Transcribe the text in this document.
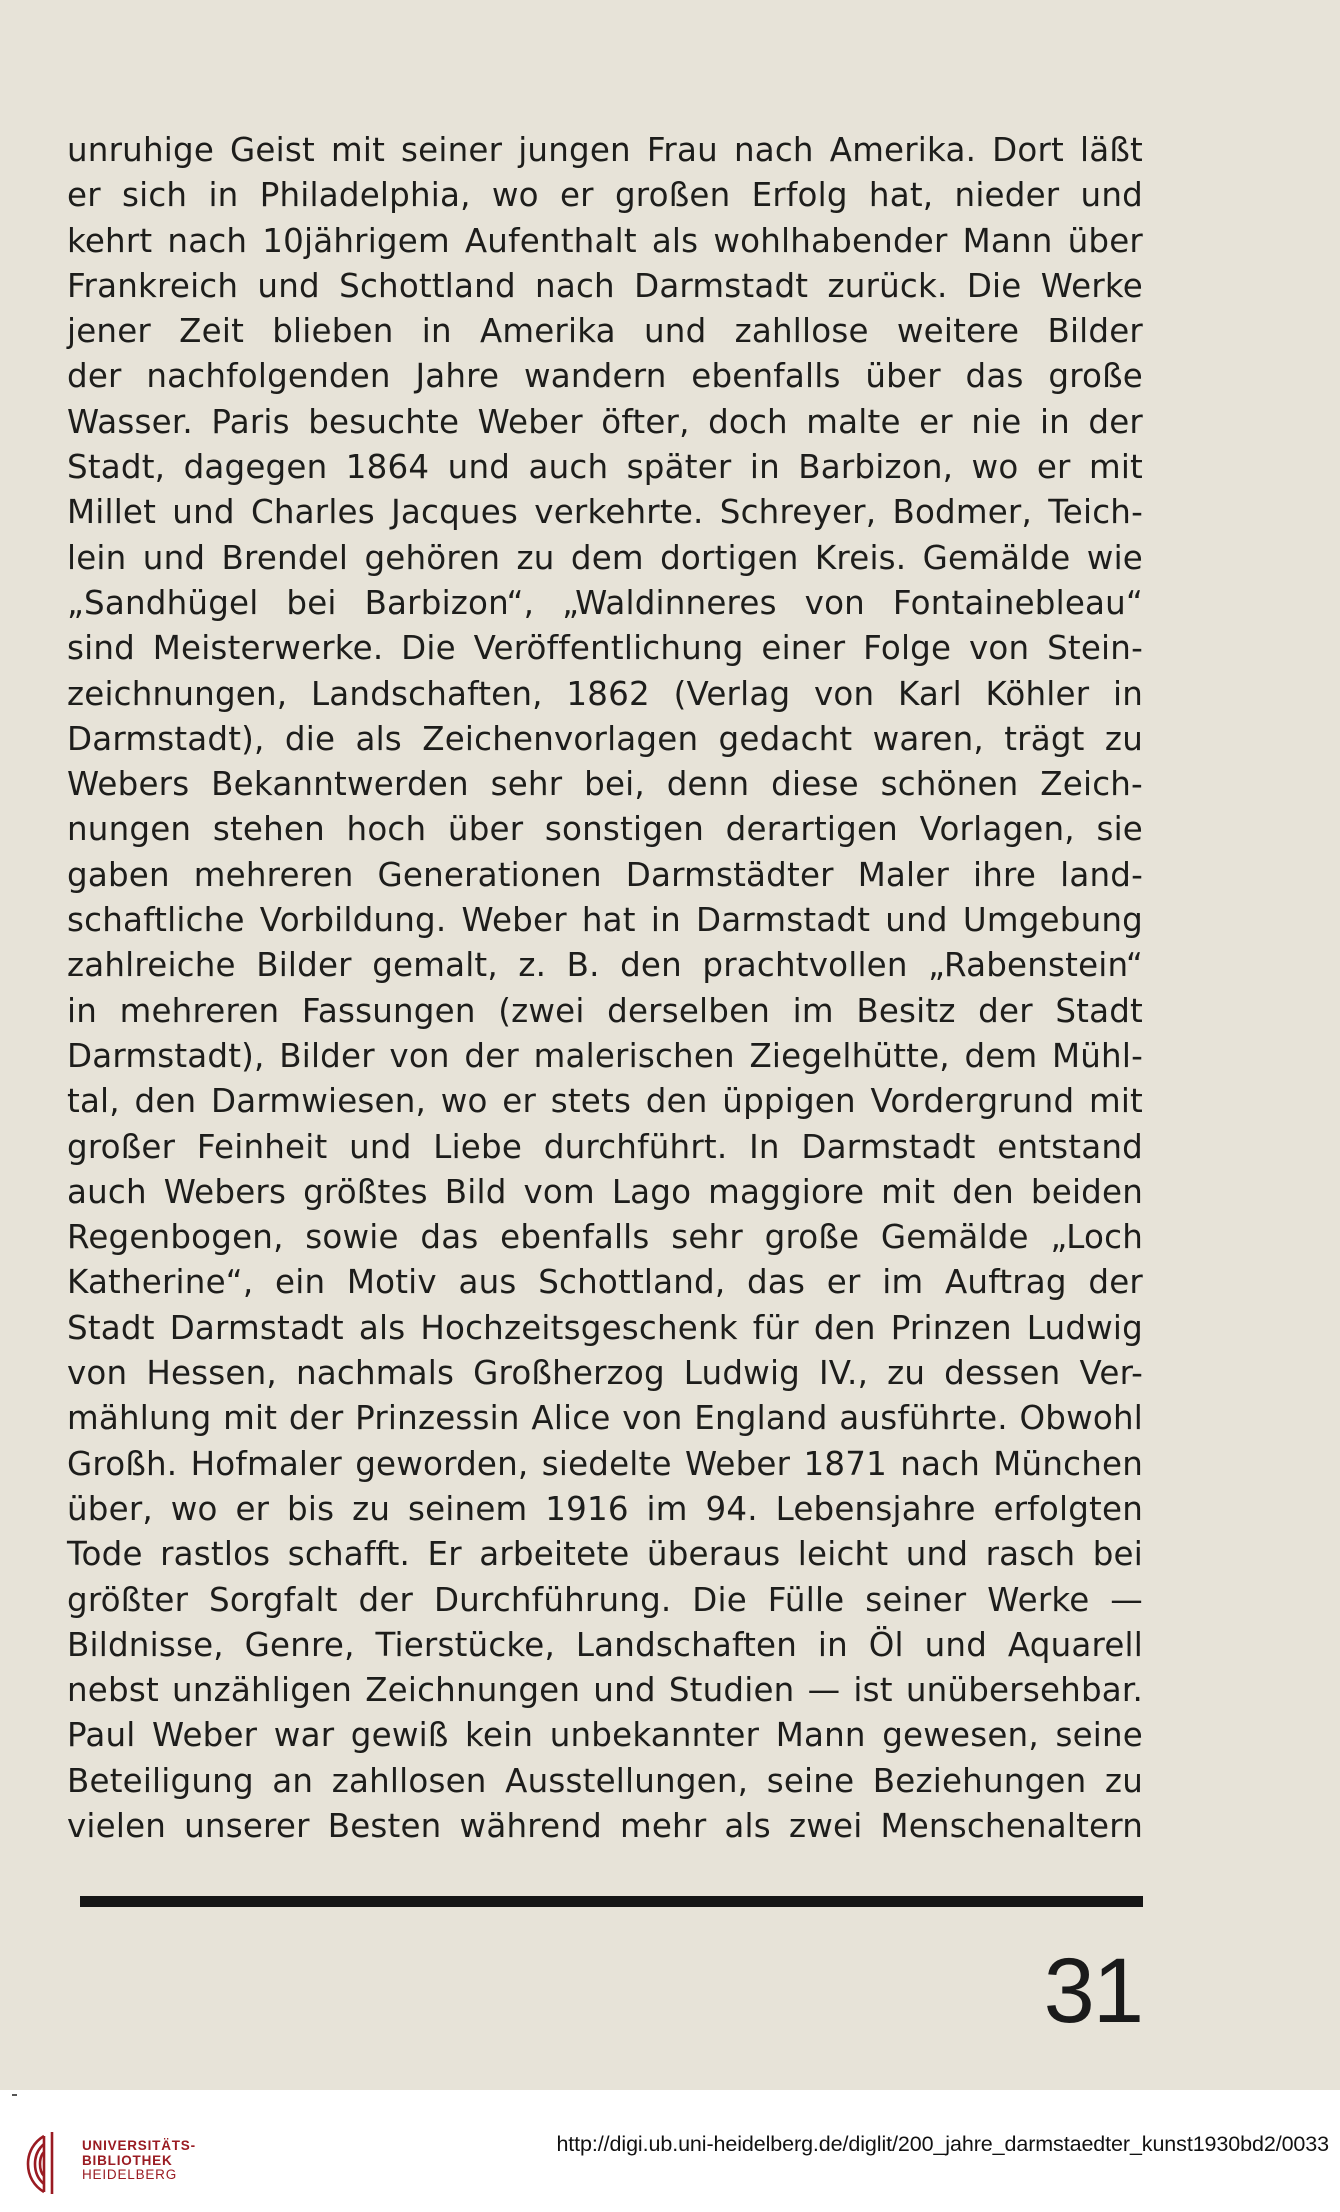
unruhige Geist mit seiner jungen Frau nach Amerika. Dort läßt
er sich in Philadelphia, wo er großen Erfolg hat, nieder und
kehrt nach 10jährigem Aufenthalt als wohlhabender Mann über
Frankreich und Schottland nach Darmstadt zurück. Die Werke
jener Zeit blieben in Amerika und zahllose weitere Bilder
der nachfolgenden Jahre wandern ebenfalls über das große
Wasser. Paris besuchte Weber öfter, doch malte er nie in der
Stadt, dagegen 1864 und auch später in Barbizon, wo er mit
Millet und Charles Jacques verkehrte. Schreyer, Bodmer, Teich-
lein und Brendel gehören zu dem dortigen Kreis. Gemälde wie
„Sandhügel bei Barbizon“, „Waldinneres von Fontainebleau“
sind Meisterwerke. Die Veröffentlichung einer Folge von Stein-
zeichnungen, Landschaften, 1862 (Verlag von Karl Köhler in
Darmstadt), die als Zeichenvorlagen gedacht waren, trägt zu
Webers Bekanntwerden sehr bei, denn diese schönen Zeich-
nungen stehen hoch über sonstigen derartigen Vorlagen, sie
gaben mehreren Generationen Darmstädter Maler ihre land-
schaftliche Vorbildung. Weber hat in Darmstadt und Umgebung
zahlreiche Bilder gemalt, z. B. den prachtvollen „Rabenstein“
in mehreren Fassungen (zwei derselben im Besitz der Stadt
Darmstadt), Bilder von der malerischen Ziegelhütte, dem Mühl-
tal, den Darmwiesen, wo er stets den üppigen Vordergrund mit
großer Feinheit und Liebe durchführt. In Darmstadt entstand
auch Webers größtes Bild vom Lago maggiore mit den beiden
Regenbogen, sowie das ebenfalls sehr große Gemälde „Loch
Katherine“, ein Motiv aus Schottland, das er im Auftrag der
Stadt Darmstadt als Hochzeitsgeschenk für den Prinzen Ludwig
von Hessen, nachmals Großherzog Ludwig IV., zu dessen Ver-
mählung mit der Prinzessin Alice von England ausführte. Obwohl
Großh. Hofmaler geworden, siedelte Weber 1871 nach München
über, wo er bis zu seinem 1916 im 94. Lebensjahre erfolgten
Tode rastlos schafft. Er arbeitete überaus leicht und rasch bei
größter Sorgfalt der Durchführung. Die Fülle seiner Werke —
Bildnisse, Genre, Tierstücke, Landschaften in Öl und Aquarell
nebst unzähligen Zeichnungen und Studien — ist unübersehbar.
Paul Weber war gewiß kein unbekannter Mann gewesen, seine
Beteiligung an zahllosen Ausstellungen, seine Beziehungen zu
vielen unserer Besten während mehr als zwei Menschenaltern
31
UNIVERSITÄTS-
BIBLIOTHEK
HEIDELBERG
http://digi.ub.uni-heidelberg.de/diglit/200_jahre_darmstaedter_kunst1930bd2/0033
